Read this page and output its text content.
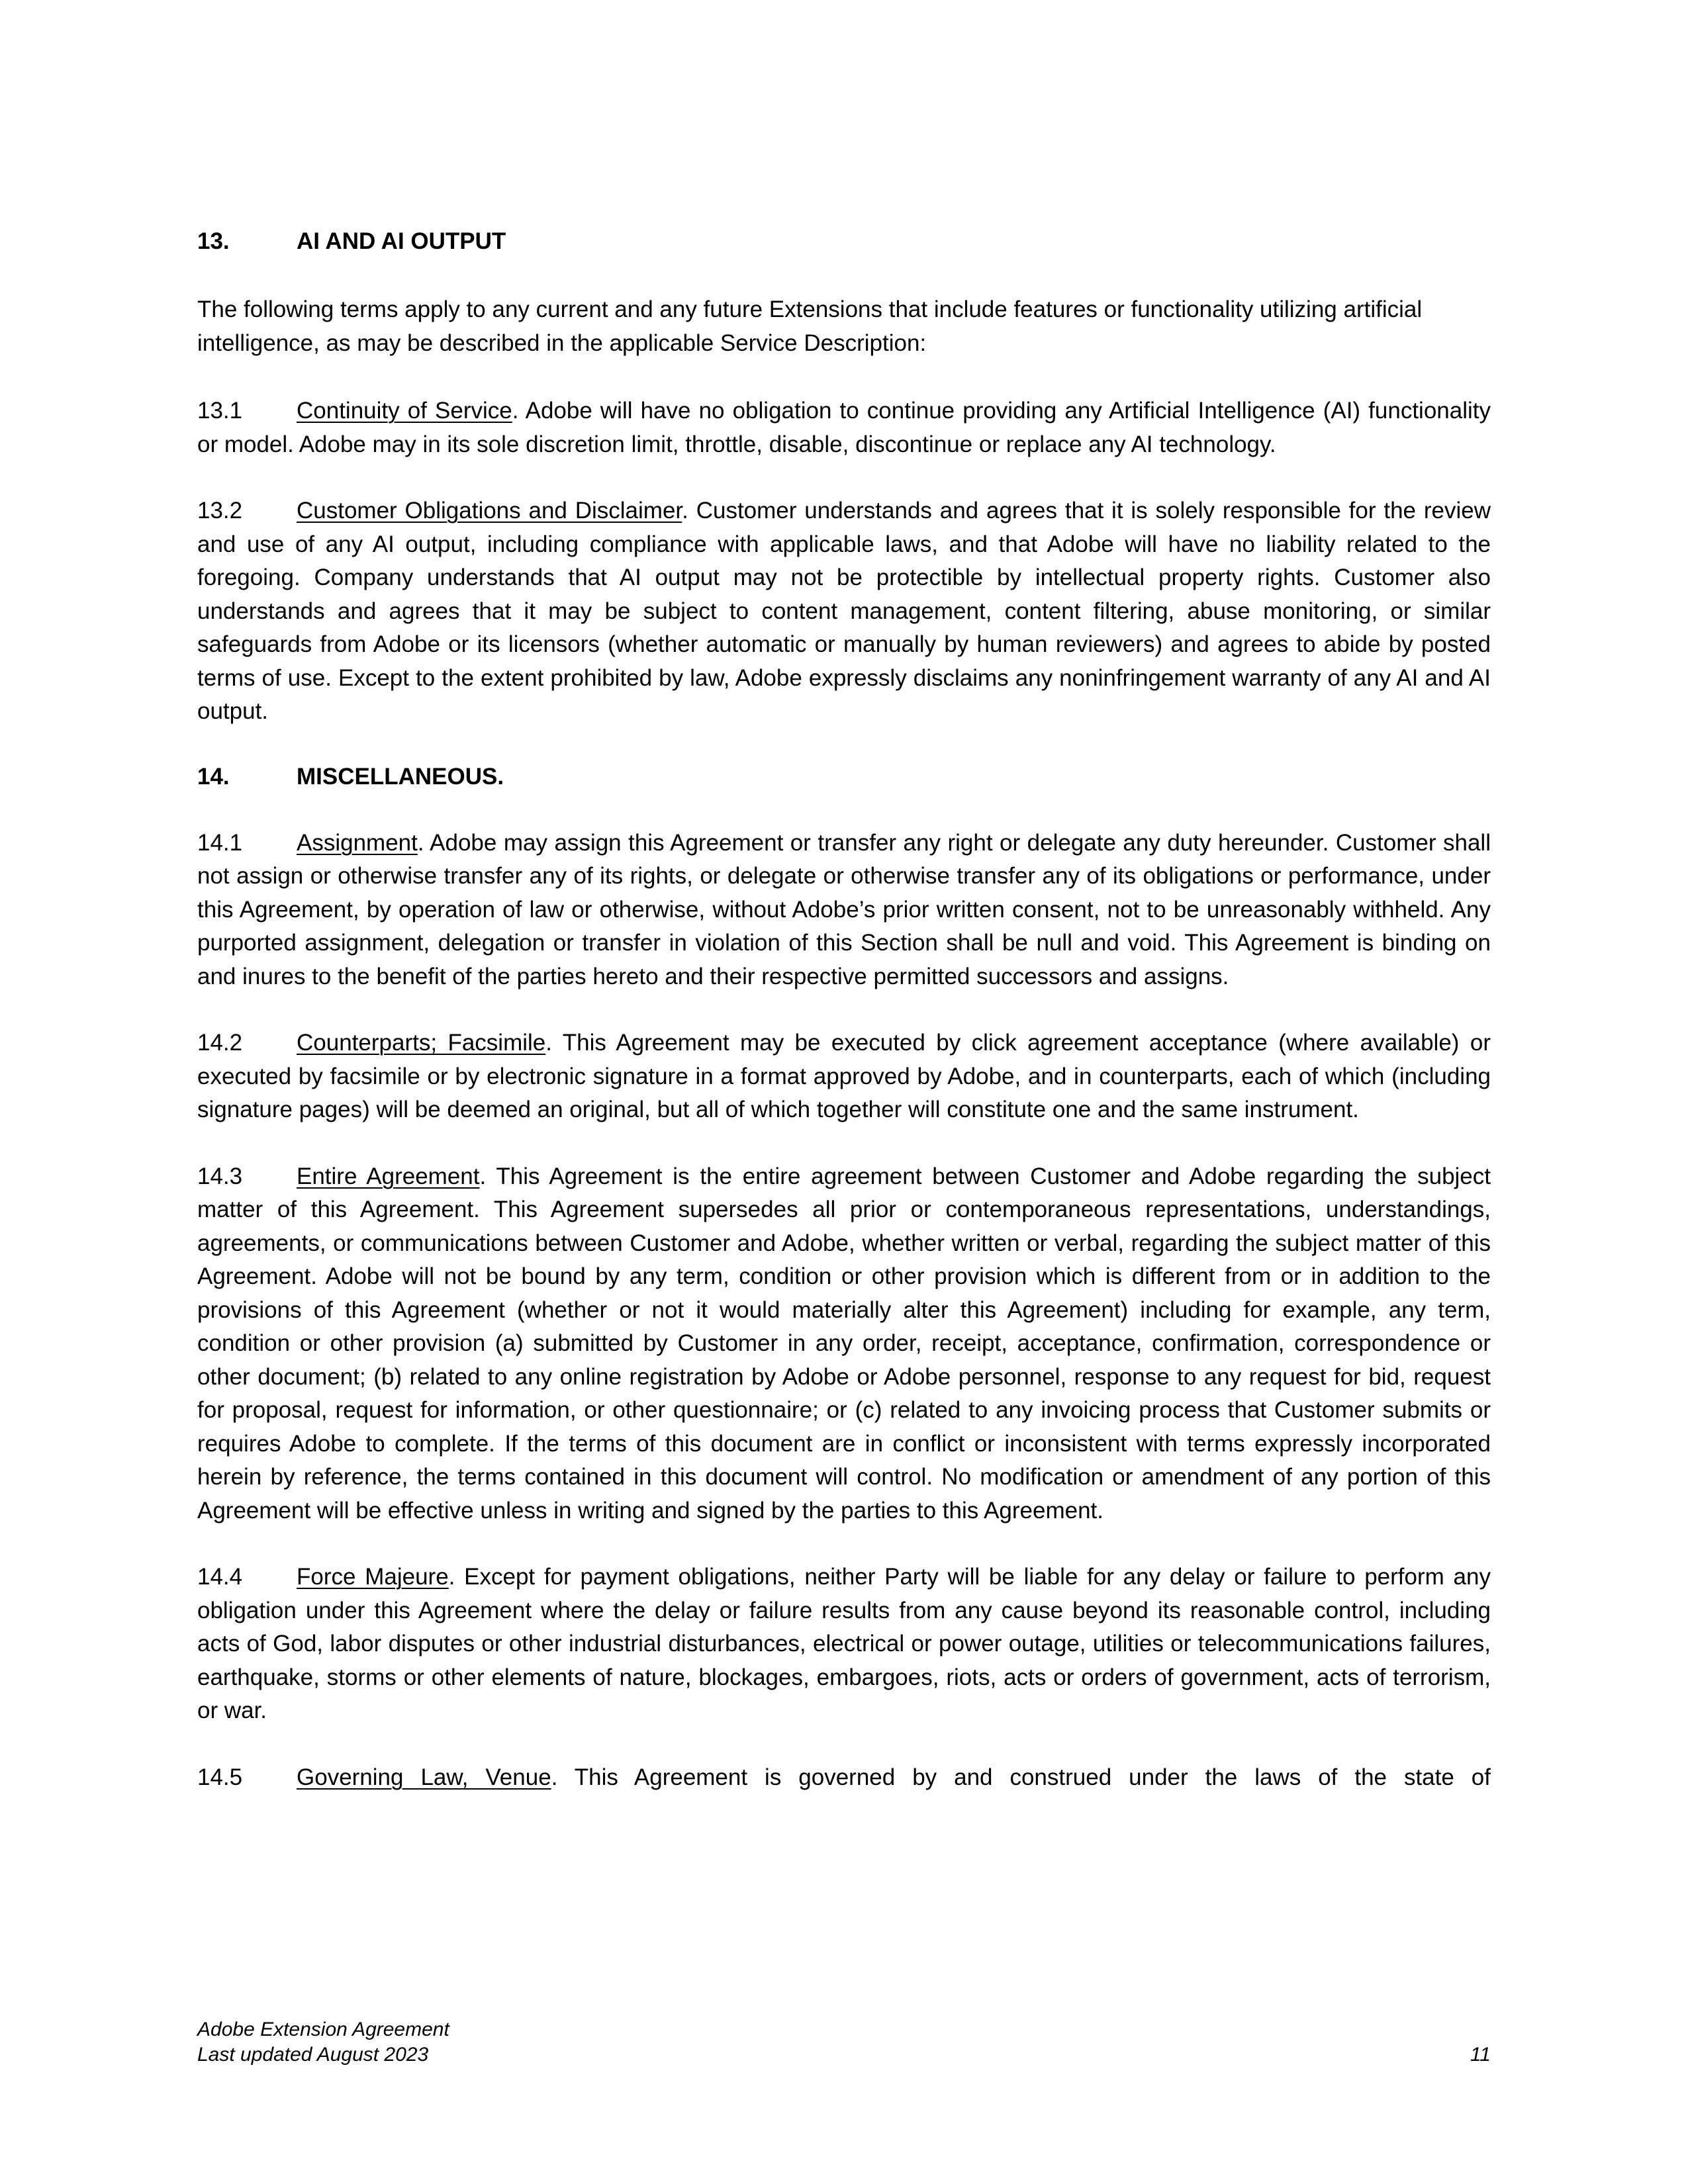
13.	AI AND AI OUTPUT

The following terms apply to any current and any future Extensions that include features or functionality utilizing artificial intelligence, as may be described in the applicable Service Description:

13.1 Continuity of Service. Adobe will have no obligation to continue providing any Artificial Intelligence (AI) functionality or model. Adobe may in its sole discretion limit, throttle, disable, discontinue or replace any AI technology.

13.2 Customer Obligations and Disclaimer. Customer understands and agrees that it is solely responsible for the review and use of any AI output, including compliance with applicable laws, and that Adobe will have no liability related to the foregoing. Company understands that AI output may not be protectible by intellectual property rights. Customer also understands and agrees that it may be subject to content management, content filtering, abuse monitoring, or similar safeguards from Adobe or its licensors (whether automatic or manually by human reviewers) and agrees to abide by posted terms of use. Except to the extent prohibited by law, Adobe expressly disclaims any noninfringement warranty of any AI and AI output.

14.	MISCELLANEOUS.

14.1 Assignment. Adobe may assign this Agreement or transfer any right or delegate any duty hereunder. Customer shall not assign or otherwise transfer any of its rights, or delegate or otherwise transfer any of its obligations or performance, under this Agreement, by operation of law or otherwise, without Adobe’s prior written consent, not to be unreasonably withheld. Any purported assignment, delegation or transfer in violation of this Section shall be null and void. This Agreement is binding on and inures to the benefit of the parties hereto and their respective permitted successors and assigns.

14.2 Counterparts; Facsimile. This Agreement may be executed by click agreement acceptance (where available) or executed by facsimile or by electronic signature in a format approved by Adobe, and in counterparts, each of which (including signature pages) will be deemed an original, but all of which together will constitute one and the same instrument.

14.3 Entire Agreement. This Agreement is the entire agreement between Customer and Adobe regarding the subject matter of this Agreement. This Agreement supersedes all prior or contemporaneous representations, understandings, agreements, or communications between Customer and Adobe, whether written or verbal, regarding the subject matter of this Agreement. Adobe will not be bound by any term, condition or other provision which is different from or in addition to the provisions of this Agreement (whether or not it would materially alter this Agreement) including for example, any term, condition or other provision (a) submitted by Customer in any order, receipt, acceptance, confirmation, correspondence or other document; (b) related to any online registration by Adobe or Adobe personnel, response to any request for bid, request for proposal, request for information, or other questionnaire; or (c) related to any invoicing process that Customer submits or requires Adobe to complete. If the terms of this document are in conflict or inconsistent with terms expressly incorporated herein by reference, the terms contained in this document will control. No modification or amendment of any portion of this Agreement will be effective unless in writing and signed by the parties to this Agreement.

14.4 Force Majeure. Except for payment obligations, neither Party will be liable for any delay or failure to perform any obligation under this Agreement where the delay or failure results from any cause beyond its reasonable control, including acts of God, labor disputes or other industrial disturbances, electrical or power outage, utilities or telecommunications failures, earthquake, storms or other elements of nature, blockages, embargoes, riots, acts or orders of government, acts of terrorism, or war.

14.5 Governing Law, Venue. This Agreement is governed by and construed under the laws of the state of

Adobe Extension Agreement
Last updated August 2023	11
